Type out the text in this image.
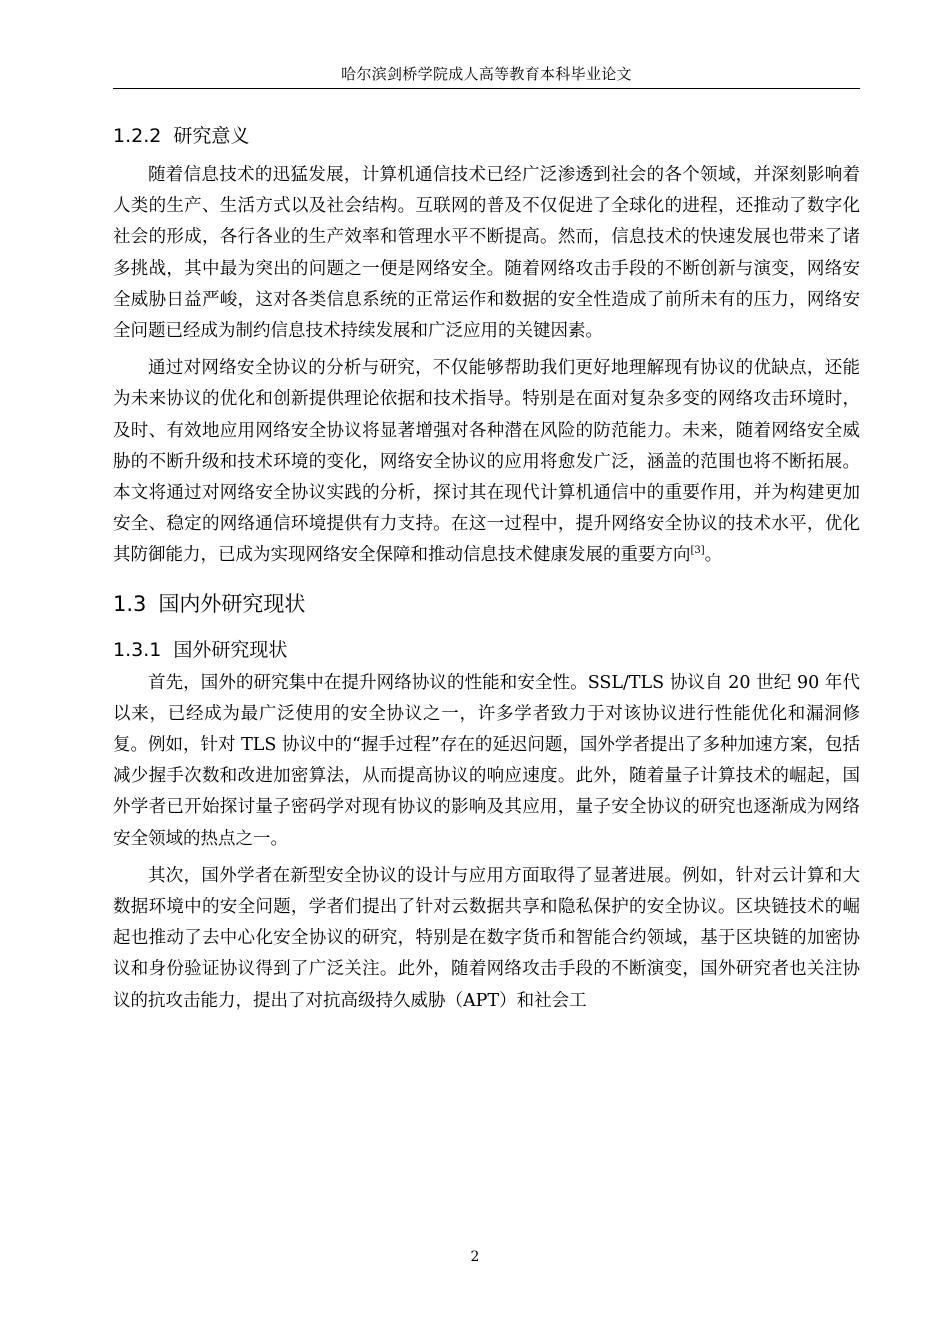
哈尔滨剑桥学院成人高等教育本科毕业论文
1.2.2 研究意义

随着信息技术的迅猛发展，计算机通信技术已经广泛渗透到社会的各个领域，并深刻影响着人类的生产、生活方式以及社会结构。互联网的普及不仅促进了全球化的进程，还推动了数字化社会的形成，各行各业的生产效率和管理水平不断提高。然而，信息技术的快速发展也带来了诸多挑战，其中最为突出的问题之一便是网络安全。随着网络攻击手段的不断创新与演变，网络安全威胁日益严峻，这对各类信息系统的正常运作和数据的安全性造成了前所未有的压力，网络安全问题已经成为制约信息技术持续发展和广泛应用的关键因素。

通过对网络安全协议的分析与研究，不仅能够帮助我们更好地理解现有协议的优缺点，还能为未来协议的优化和创新提供理论依据和技术指导。特别是在面对复杂多变的网络攻击环境时，及时、有效地应用网络安全协议将显著增强对各种潜在风险的防范能力。未来，随着网络安全威胁的不断升级和技术环境的变化，网络安全协议的应用将愈发广泛，涵盖的范围也将不断拓展。本文将通过对网络安全协议实践的分析，探讨其在现代计算机通信中的重要作用，并为构建更加安全、稳定的网络通信环境提供有力支持。在这一过程中，提升网络安全协议的技术水平，优化其防御能力，已成为实现网络安全保障和推动信息技术健康发展的重要方向[3]。

1.3 国内外研究现状
1.3.1 国外研究现状

首先，国外的研究集中在提升网络协议的性能和安全性。SSL/TLS 协议自 20 世纪 90 年代以来，已经成为最广泛使用的安全协议之一，许多学者致力于对该协议进行性能优化和漏洞修复。例如，针对 TLS 协议中的“握手过程”存在的延迟问题，国外学者提出了多种加速方案，包括减少握手次数和改进加密算法，从而提高协议的响应速度。此外，随着量子计算技术的崛起，国外学者已开始探讨量子密码学对现有协议的影响及其应用，量子安全协议的研究也逐渐成为网络安全领域的热点之一。

其次，国外学者在新型安全协议的设计与应用方面取得了显著进展。例如，针对云计算和大数据环境中的安全问题，学者们提出了针对云数据共享和隐私保护的安全协议。区块链技术的崛起也推动了去中心化安全协议的研究，特别是在数字货币和智能合约领域，基于区块链的加密协议和身份验证协议得到了广泛关注。此外，随着网络攻击手段的不断演变，国外研究者也关注协议的抗攻击能力，提出了对抗高级持久威胁（APT）和社会工

2
